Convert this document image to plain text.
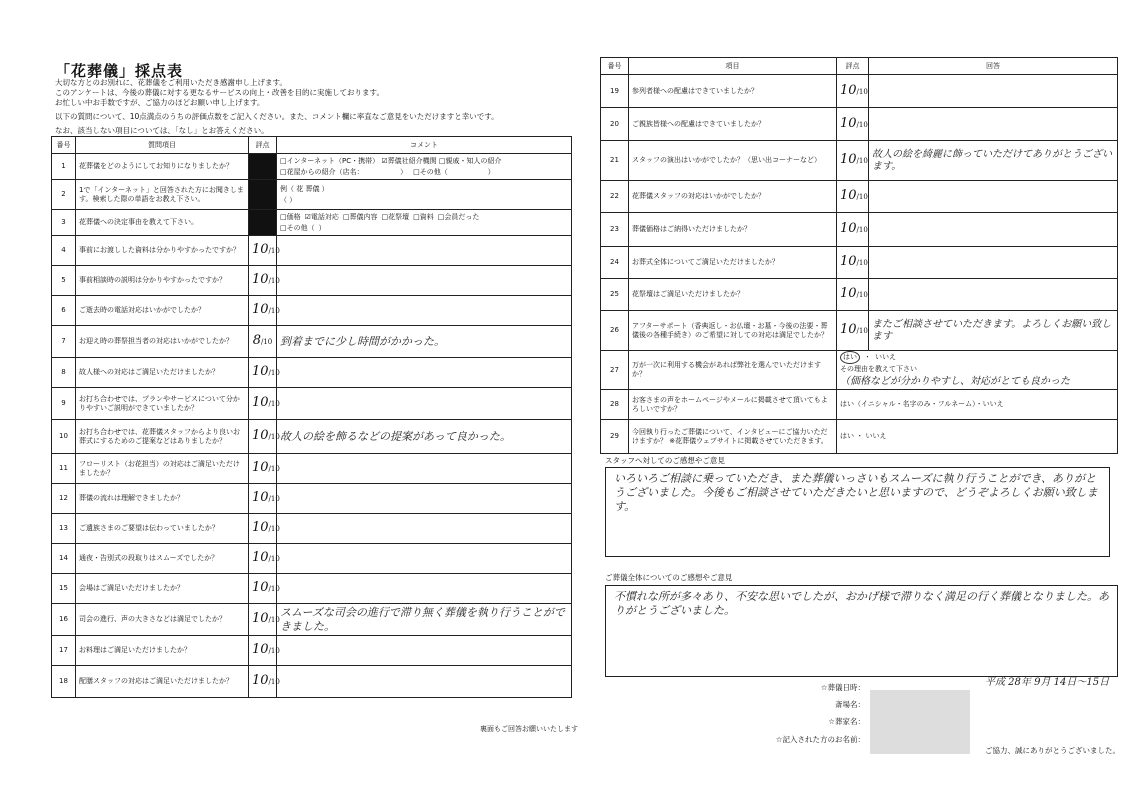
「花葬儀」採点表
大切な方とのお別れに、花葬儀をご利用いただき感謝申し上げます。
このアンケートは、今後の葬儀に対する更なるサービスの向上・改善を目的に実施しております。
お忙しい中お手数ですが、ご協力のほどお願い申し上げます。
以下の質問について、10点満点のうちの評価点数をご記入ください。また、コメント欄に率直なご意見をいただけますと幸いです。
なお、該当しない項目については、「なし」とお答えください。
番号	質問項目	評点	コメント
1	花葬儀をどのようにしてお知りになりましたか？		□インターネット（PC・携帯） ☑葬儀社紹介機関 □親戚・知人の紹介
□花屋からの紹介（店名： ） □その他（ ）
2	1で「インターネット」と回答された方にお聞きします。検索した際の単語をお教え下さい。		例（ 花 葬儀 ）
（ ）
3	花葬儀への決定事由を教えて下さい。		□価格 ☑電話対応 □葬儀内容 □花祭壇 □資料 □会員だった
□その他（ ）
4	事前にお渡しした資料は分かりやすかったですか？	10/10	
5	事前相談時の説明は分かりやすかったですか？	10/10	
6	ご逝去時の電話対応はいかがでしたか？	10/10	
7	お迎え時の葬祭担当者の対応はいかがでしたか？	8/10	到着までに少し時間がかかった。
8	故人様への対応はご満足いただけましたか？	10/10	
9	お打ち合わせでは、プランやサービスについて分かりやすいご説明ができていましたか？	10/10	
10	お打ち合わせでは、花葬儀スタッフからより良いお葬式にするためのご提案などはありましたか？	10/10	故人の絵を飾るなどの提案があって良かった。
11	フローリスト（お花担当）の対応はご満足いただけましたか？	10/10	
12	葬儀の流れは理解できましたか？	10/10	
13	ご遺族さまのご要望は伝わっていましたか？	10/10	
14	通夜・告別式の段取りはスムーズでしたか？	10/10	
15	会場はご満足いただけましたか？	10/10	
16	司会の進行、声の大きさなどは満足でしたか？	10/10	スムーズな司会の進行で滞り無く葬儀を執り行うことができました。
17	お料理はご満足いただけましたか？	10/10	
18	配膳スタッフの対応はご満足いただけましたか？	10/10	
裏面もご回答お願いいたします
番号	項目	評点	回答
19	参列者様への配慮はできていましたか？	10/10	
20	ご親族皆様への配慮はできていましたか？	10/10	
21	スタッフの演出はいかがでしたか？（思い出コーナーなど）	10/10	故人の絵を綺麗に飾っていただけてありがとうございます。
22	花葬儀スタッフの対応はいかがでしたか？	10/10	
23	葬儀価格はご納得いただけましたか？	10/10	
24	お葬式全体についてご満足いただけましたか？	10/10	
25	花祭壇はご満足いただけましたか？	10/10	
26	アフターサポート（香典返し・お仏壇・お墓・今後の法要・葬儀後の各種手続き）のご希望に対しての対応は満足でしたか？	10/10	またご相談させていただきます。よろしくお願い致します
27	万が一次に利用する機会があれば弊社を選んでいただけますか？	はい ・ いいえ
その理由を教えて下さい
（価格などが分かりやすし、対応がとても良かった	
28	お客さまの声をホームページやメールに掲載させて頂いてもよろしいですか？	はい（イニシャル・名字のみ・フルネーム）・いいえ	
29	今回執り行ったご葬儀について、インタビューにご協力いただけますか？ ※花葬儀ウェブサイトに掲載させていただきます。	はい ・ いいえ	
スタッフへ対してのご感想やご意見
いろいろご相談に乗っていただき、また葬儀いっさいもスムーズに執り行うことができ、ありがとうございました。今後もご相談させていただきたいと思いますので、どうぞよろしくお願い致します。
ご葬儀全体についてのご感想やご意見
不慣れな所が多々あり、不安な思いでしたが、おかげ様で滞りなく満足の行く葬儀となりました。ありがとうございました。
☆葬儀日時：	平成 28年 9月 14日〜15日
斎場名：
☆葬家名：
☆記入された方のお名前：
ご協力、誠にありがとうございました。
